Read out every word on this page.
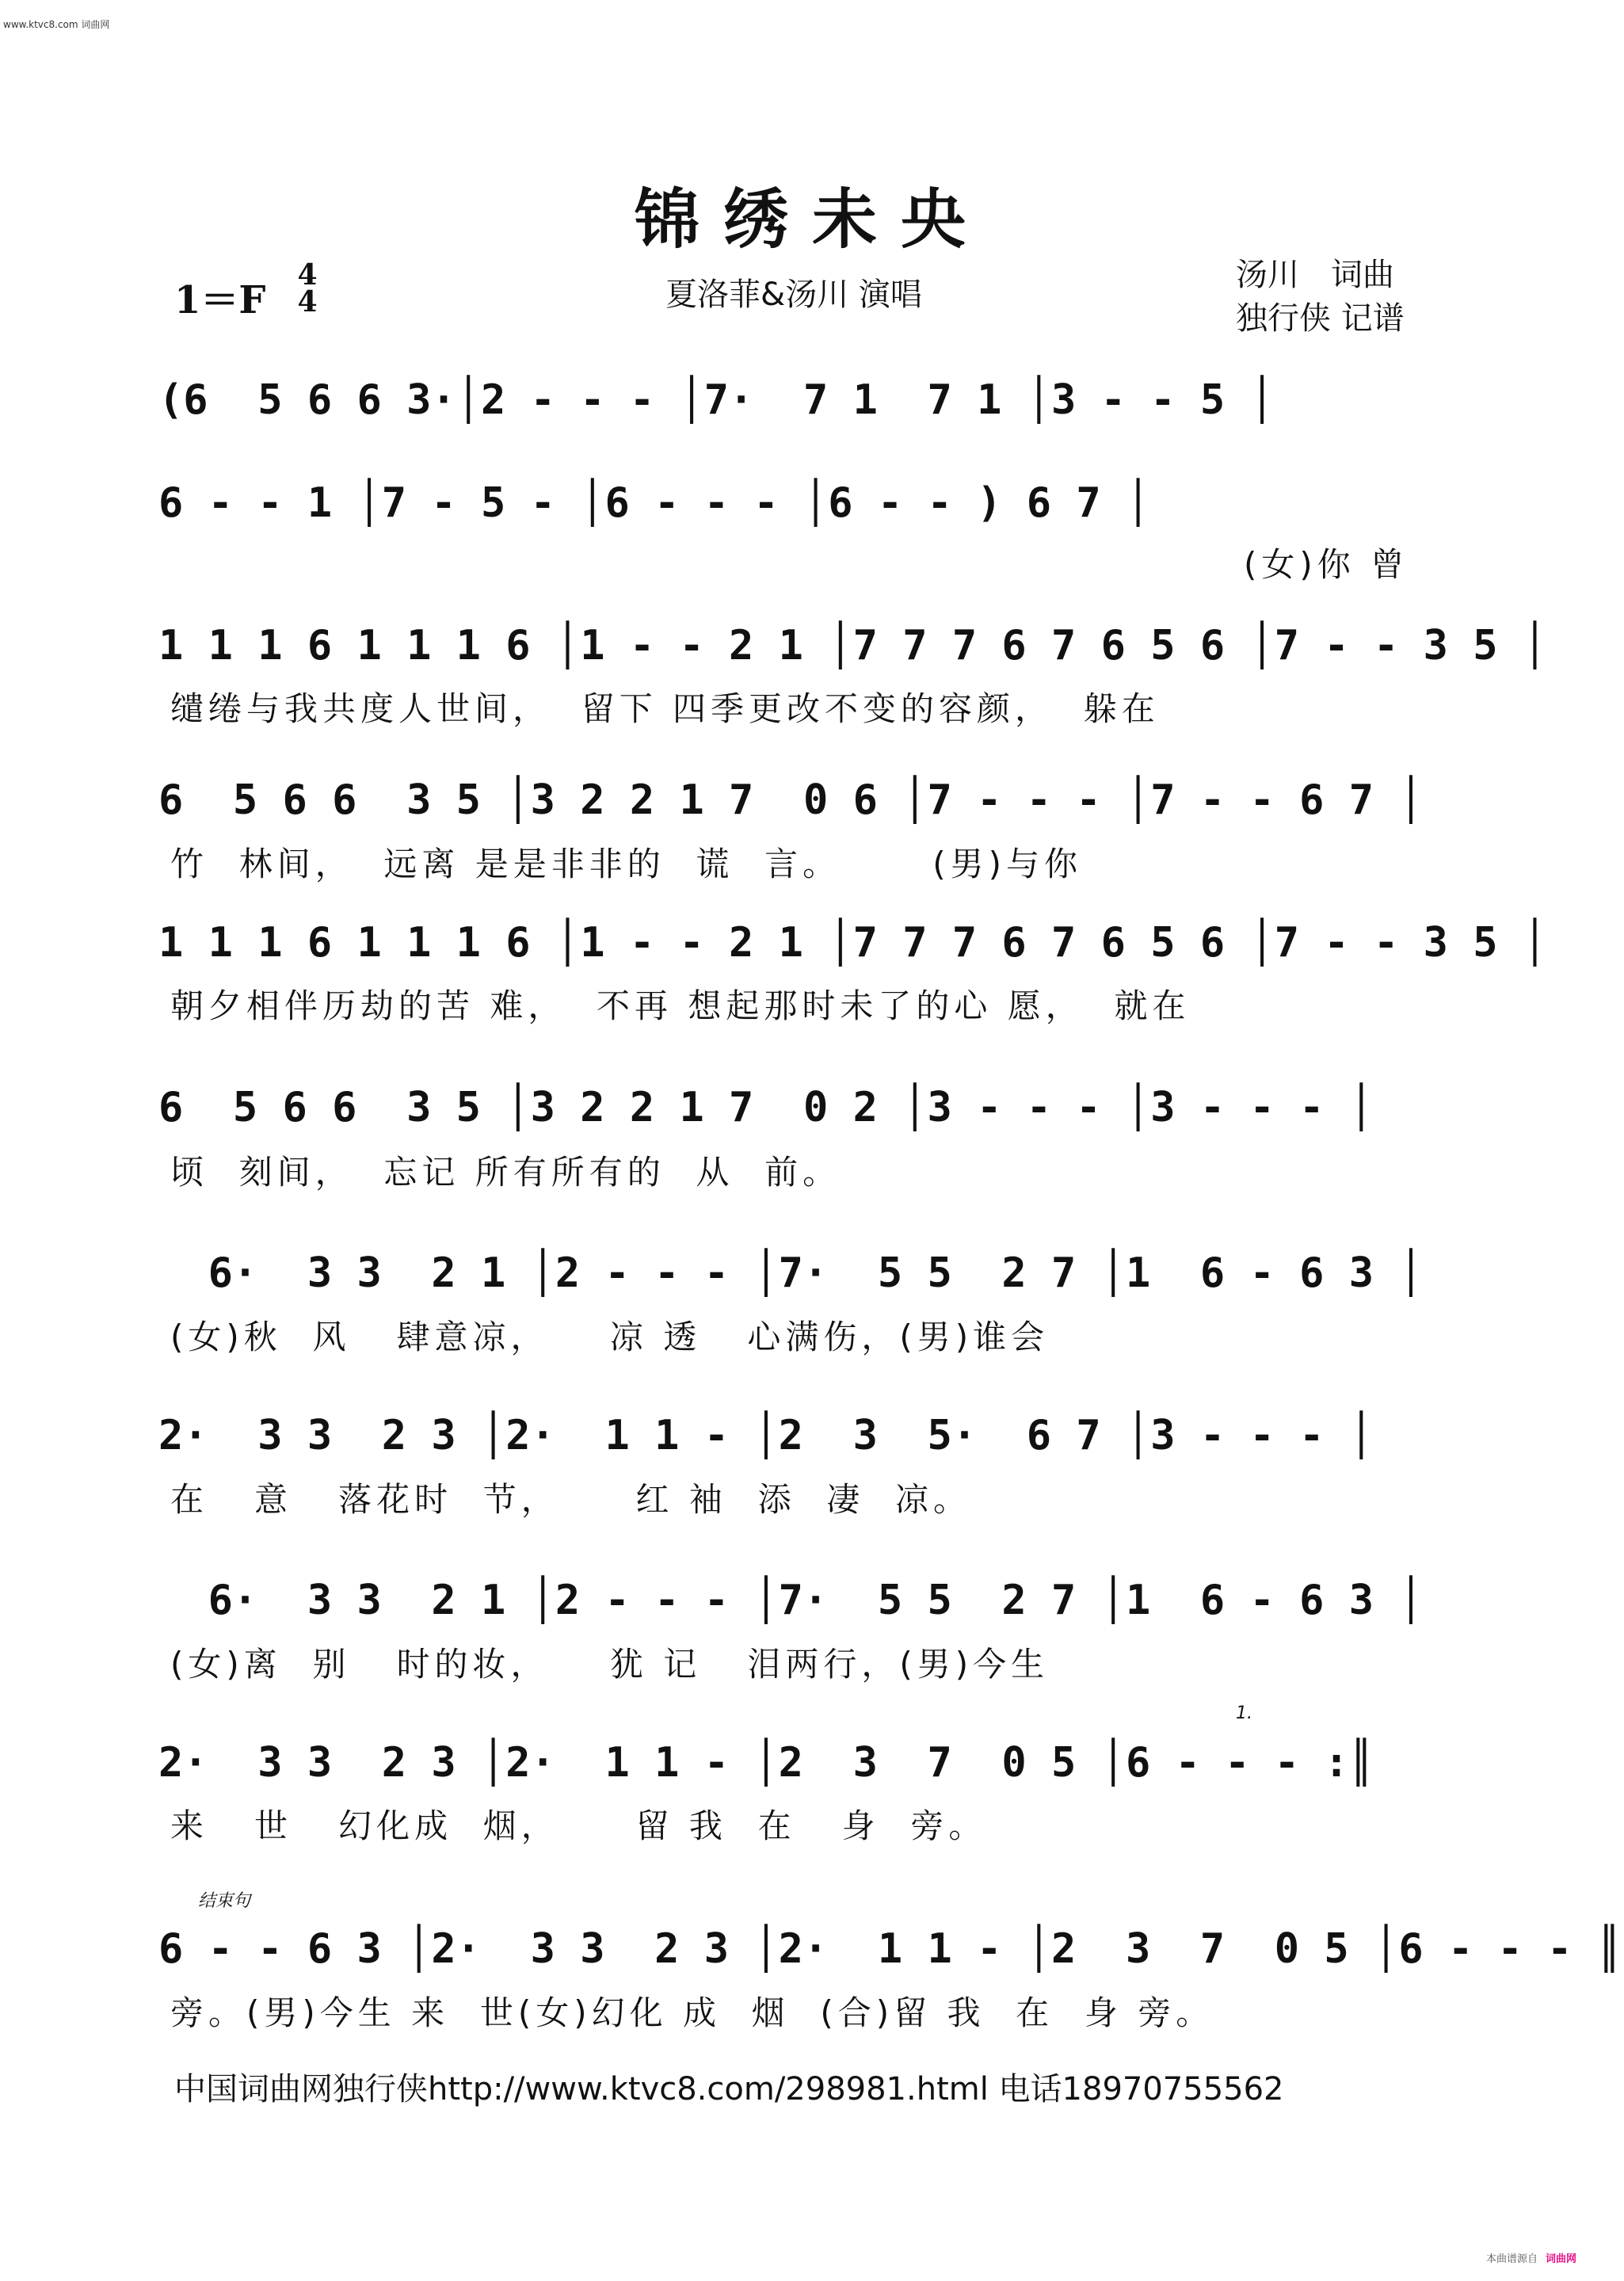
www.ktvc8.com 词曲网
锦绣未央
1＝F
4
4	夏洛菲&汤川 演唱
汤川　词曲
独行侠 记谱
(6  5 6 6 3·│2 - - - │7·  7 1  7 1 │3 - - 5 │
6 - - 1 │7 - 5 - │6 - - - │6 - - ) 6 7 │
(女)你 曾
1 1 1 6 1 1 1 6 │1 - - 2 1 │7 7 7 6 7 6 5 6 │7 - - 3 5 │
缱绻与我共度人世间，  留下 四季更改不变的容颜，  躲在
6  5 6 6  3 5 │3 2 2 1 7  0 6 │7 - - - │7 - - 6 7 │
竹  林间，  远离 是是非非的  谎  言。      (男)与你
1 1 1 6 1 1 1 6 │1 - - 2 1 │7 7 7 6 7 6 5 6 │7 - - 3 5 │
朝夕相伴历劫的苦 难，  不再 想起那时未了的心 愿，  就在
6  5 6 6  3 5 │3 2 2 1 7  0 2 │3 - - - │3 - - - │
顷  刻间，  忘记 所有所有的  从  前。
6·  3 3  2 1 │2 - - - │7·  5 5  2 7 │1  6 - 6 3 │
(女)秋  风   肆意凉，    凉 透   心满伤，(男)谁会
2·  3 3  2 3 │2·  1 1 - │2  3  5·  6 7 │3 - - - │
在   意   落花时  节，     红 袖  添  凄  凉。
6·  3 3  2 1 │2 - - - │7·  5 5  2 7 │1  6 - 6 3 │
(女)离  别   时的妆，    犹 记   泪两行，(男)今生
1.
2·  3 3  2 3 │2·  1 1 - │2  3  7  0 5 │6 - - - :║
来   世   幻化成  烟，     留 我  在   身  旁。
结束句
6 - - 6 3 │2·  3 3  2 3 │2·  1 1 - │2  3  7  0 5 │6 - - - ║
旁。(男)今生 来  世(女)幻化 成  烟  (合)留 我  在  身 旁。
中国词曲网独行侠http://www.ktvc8.com/298981.html 电话18970755562
本曲谱源自 词曲网
